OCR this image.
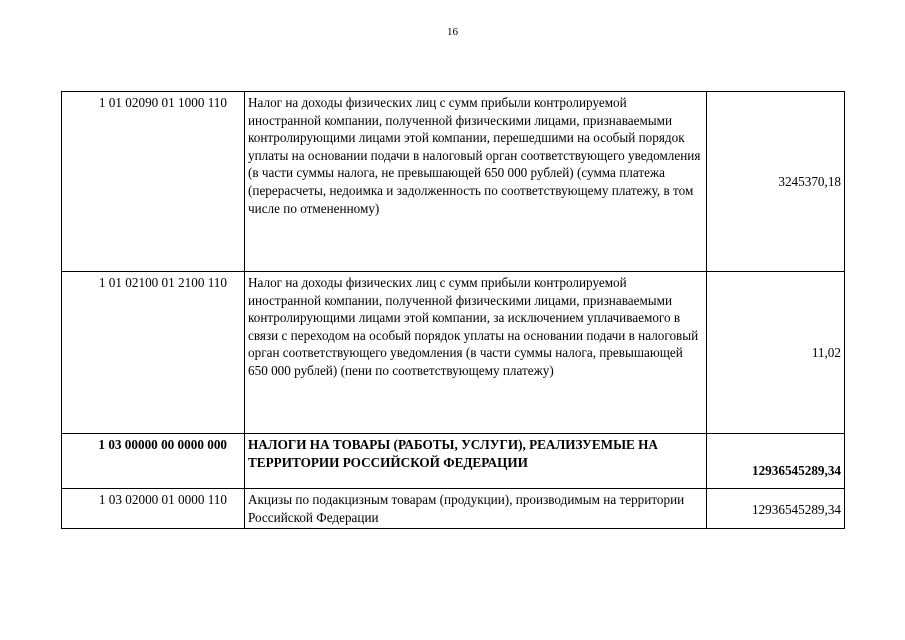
16
1 01 02090 01 1000 110	Налог на доходы физических лиц с сумм прибыли контролируемой иностранной компании, полученной физическими лицами, признаваемыми контролирующими лицами этой компании, перешедшими на особый порядок уплаты на основании подачи в налоговый орган соответствующего уведомления (в части суммы налога, не превышающей 650 000 рублей) (сумма платежа (перерасчеты, недоимка и задолженность по соответствующему платежу, в том числе по отмененному)	3245370,18
1 01 02100 01 2100 110	Налог на доходы физических лиц с сумм прибыли контролируемой иностранной компании, полученной физическими лицами, признаваемыми контролирующими лицами этой компании, за исключением уплачиваемого в связи с переходом на особый порядок уплаты на основании подачи в налоговый орган соответствующего уведомления (в части суммы налога, превышающей 650 000 рублей) (пени по соответствующему платежу)	11,02
1 03 00000 00 0000 000	НАЛОГИ НА ТОВАРЫ (РАБОТЫ, УСЛУГИ), РЕАЛИЗУЕМЫЕ НА ТЕРРИТОРИИ РОССИЙСКОЙ ФЕДЕРАЦИИ	12936545289,34
1 03 02000 01 0000 110	Акцизы по подакцизным товарам (продукции), производимым на территории Российской Федерации	12936545289,34
